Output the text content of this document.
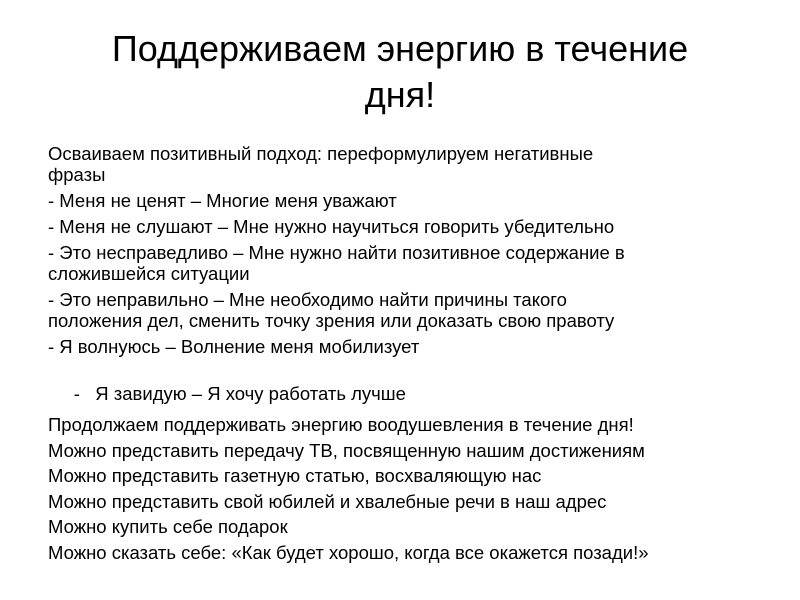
Поддерживаем энергию в течение
дня!

Осваиваем позитивный подход: переформулируем негативные
фразы

- Меня не ценят – Многие меня уважают

- Меня не слушают – Мне нужно научиться говорить убедительно

- Это несправедливо – Мне нужно найти позитивное содержание в
сложившейся ситуации

- Это неправильно – Мне необходимо найти причины такого
положения дел, сменить точку зрения или доказать свою правоту

- Я волнуюсь – Волнение меня мобилизует

-   Я завидую – Я хочу работать лучше

Продолжаем поддерживать энергию воодушевления в течение дня!

Можно представить передачу ТВ, посвященную нашим достижениям

Можно представить газетную статью, восхваляющую нас

Можно представить свой юбилей и хвалебные речи в наш адрес

Можно купить себе подарок

Можно сказать себе: «Как будет хорошо, когда все окажется позади!»
